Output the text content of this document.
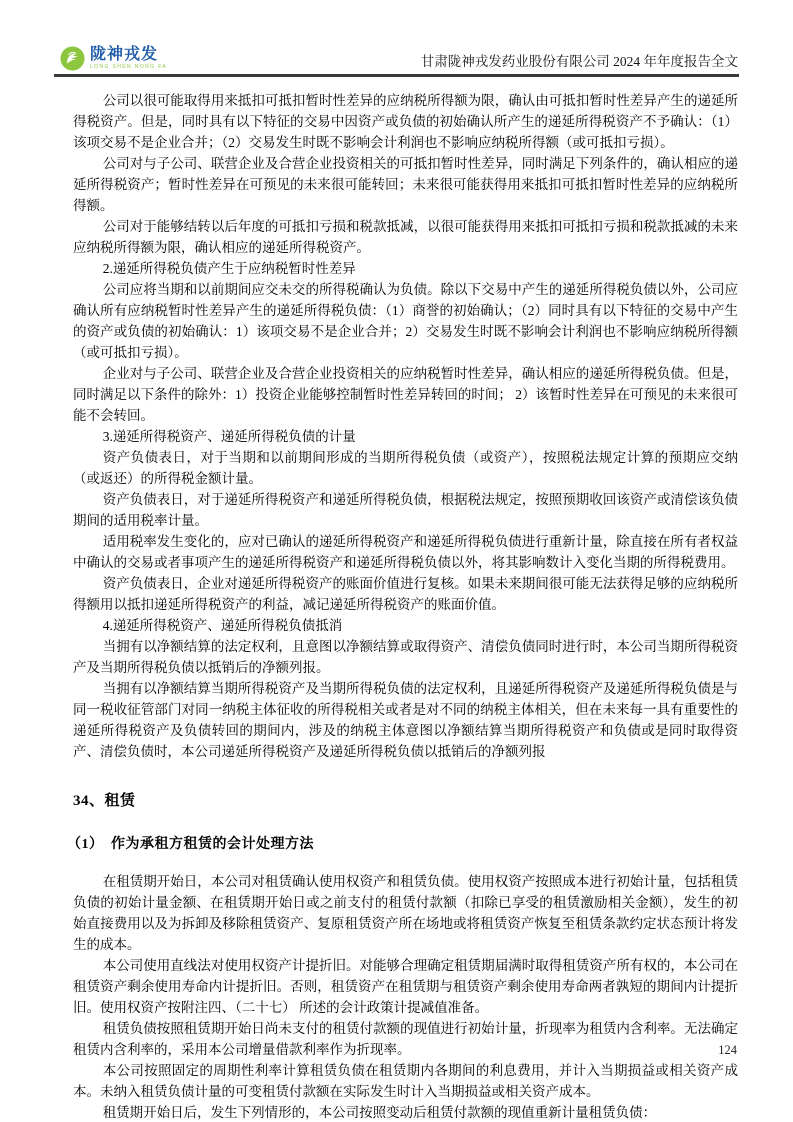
陇神戎发
LONG SHEN NONG FA	甘肃陇神戎发药业股份有限公司 2024 年年度报告全文

公司以很可能取得用来抵扣可抵扣暂时性差异的应纳税所得额为限，确认由可抵扣暂时性差异产生的递延所得税资产。但是，同时具有以下特征的交易中因资产或负债的初始确认所产生的递延所得税资产不予确认：（1）该项交易不是企业合并；（2）交易发生时既不影响会计利润也不影响应纳税所得额（或可抵扣亏损）。

公司对与子公司、联营企业及合营企业投资相关的可抵扣暂时性差异，同时满足下列条件的，确认相应的递延所得税资产；暂时性差异在可预见的未来很可能转回；未来很可能获得用来抵扣可抵扣暂时性差异的应纳税所得额。

公司对于能够结转以后年度的可抵扣亏损和税款抵减，以很可能获得用来抵扣可抵扣亏损和税款抵减的未来应纳税所得额为限，确认相应的递延所得税资产。

2.递延所得税负债产生于应纳税暂时性差异

公司应将当期和以前期间应交未交的所得税确认为负债。除以下交易中产生的递延所得税负债以外，公司应确认所有应纳税暂时性差异产生的递延所得税负债：（1）商誉的初始确认；（2）同时具有以下特征的交易中产生的资产或负债的初始确认：1）该项交易不是企业合并；2）交易发生时既不影响会计利润也不影响应纳税所得额（或可抵扣亏损）。

企业对与子公司、联营企业及合营企业投资相关的应纳税暂时性差异，确认相应的递延所得税负债。但是，同时满足以下条件的除外：1）投资企业能够控制暂时性差异转回的时间； 2）该暂时性差异在可预见的未来很可能不会转回。

3.递延所得税资产、递延所得税负债的计量

资产负债表日，对于当期和以前期间形成的当期所得税负债（或资产），按照税法规定计算的预期应交纳（或返还）的所得税金额计量。

资产负债表日，对于递延所得税资产和递延所得税负债，根据税法规定，按照预期收回该资产或清偿该负债期间的适用税率计量。

适用税率发生变化的，应对已确认的递延所得税资产和递延所得税负债进行重新计量，除直接在所有者权益中确认的交易或者事项产生的递延所得税资产和递延所得税负债以外，将其影响数计入变化当期的所得税费用。

资产负债表日，企业对递延所得税资产的账面价值进行复核。如果未来期间很可能无法获得足够的应纳税所得额用以抵扣递延所得税资产的利益，减记递延所得税资产的账面价值。

4.递延所得税资产、递延所得税负债抵消

当拥有以净额结算的法定权利，且意图以净额结算或取得资产、清偿负债同时进行时，本公司当期所得税资产及当期所得税负债以抵销后的净额列报。

当拥有以净额结算当期所得税资产及当期所得税负债的法定权利，且递延所得税资产及递延所得税负债是与同一税收征管部门对同一纳税主体征收的所得税相关或者是对不同的纳税主体相关，但在未来每一具有重要性的递延所得税资产及负债转回的期间内，涉及的纳税主体意图以净额结算当期所得税资产和负债或是同时取得资产、清偿负债时，本公司递延所得税资产及递延所得税负债以抵销后的净额列报

34、租赁
（1）　作为承租方租赁的会计处理方法

在租赁期开始日，本公司对租赁确认使用权资产和租赁负债。使用权资产按照成本进行初始计量，包括租赁负债的初始计量金额、在租赁期开始日或之前支付的租赁付款额（扣除已享受的租赁激励相关金额），发生的初始直接费用以及为拆卸及移除租赁资产、复原租赁资产所在场地或将租赁资产恢复至租赁条款约定状态预计将发生的成本。

本公司使用直线法对使用权资产计提折旧。对能够合理确定租赁期届满时取得租赁资产所有权的，本公司在租赁资产剩余使用寿命内计提折旧。否则，租赁资产在租赁期与租赁资产剩余使用寿命两者孰短的期间内计提折旧。使用权资产按附注四、（二十七） 所述的会计政策计提减值准备。

租赁负债按照租赁期开始日尚未支付的租赁付款额的现值进行初始计量，折现率为租赁内含利率。无法确定租赁内含利率的，采用本公司增量借款利率作为折现率。

本公司按照固定的周期性利率计算租赁负债在租赁期内各期间的利息费用，并计入当期损益或相关资产成本。未纳入租赁负债计量的可变租赁付款额在实际发生时计入当期损益或相关资产成本。

租赁期开始日后，发生下列情形的，本公司按照变动后租赁付款额的现值重新计量租赁负债：

124
